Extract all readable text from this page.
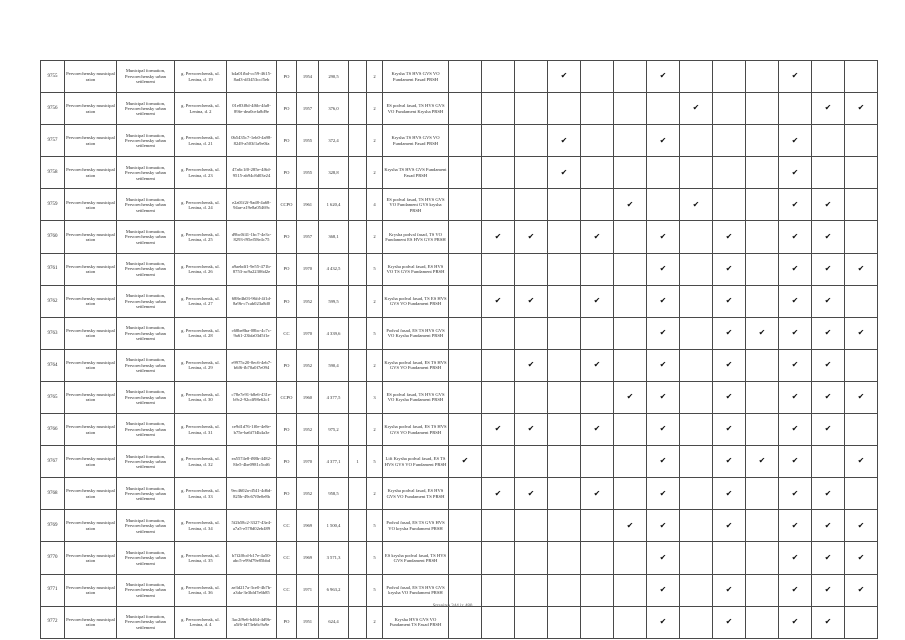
9755	Pervorechensky municipal raion	Municipal formation, Pervorechensky urban settlement	g. Pervorechensk, ul. Lenina, d. 19	b4a01fbd-cc59-4615-8ad3-df3453ccf5eb	PO	1954	290,5		2	Krysha TS HVS GVS VO Fundament Fasad PRSH				✔			✔				✔		
9756	Pervorechensky municipal raion	Municipal formation, Pervorechensky urban settlement	g. Pervorechensk, ul. Lenina, d. 2	01e83f8d-4f6b-4fa8-89fe-dea0cefa8d9e	PO	1957	376,0		2	ES podval fasad, TS HVS GVS VO Fundament Krysha PRSH								✔				✔	✔
9757	Pervorechensky municipal raion	Municipal formation, Pervorechensky urban settlement	g. Pervorechensk, ul. Lenina, d. 21	0b5435c7-1eb0-4a98-8249-a503f1a9e0fa	PO	1955	372,4		2	Krysha TS HVS GVS VO Fundament Fasad PRSH				✔			✔				✔		
9758	Pervorechensky municipal raion	Municipal formation, Pervorechensky urban settlement	g. Pervorechensk, ul. Lenina, d. 23	47a6c1f0-285e-4f6d-9515-ab94c8d03e24	PO	1955	328,8		2	Krysha TS HVS GVS Fundament Fasad PRSH				✔							✔		
9759	Pervorechensky municipal raion	Municipal formation, Pervorechensky urban settlement	g. Pervorechensk, ul. Lenina, d. 24	e2a01f2f-9ad8-4a68-94ae-a19e8a05469c	CCPO	1961	1 620,4		4	ES podval fasad, TS HVS GVS VO Fundament GVS krysha PRSH						✔		✔			✔	✔	
9760	Pervorechensky municipal raion	Municipal formation, Pervorechensky urban settlement	g. Pervorechensk, ul. Lenina, d. 25	d9bc0f41-1bc7-4e3c-8293-f95ef58e4c75	PO	1957	368,1		2	Krysha podval fasad, TS VO Fundament ES HVS GVS PRSH		✔	✔		✔		✔		✔		✔	✔	
9761	Pervorechensky municipal raion	Municipal formation, Pervorechensky urban settlement	g. Pervorechensk, ul. Lenina, d. 26	a9aebdf1-9e55-471b-8753-ac9a22306d2e	PO	1970	4 432,5		5	Krysha podval fasad, ES HVS VO TS GVS Fundament PRSH							✔		✔		✔	✔	✔
9762	Pervorechensky municipal raion	Municipal formation, Pervorechensky urban settlement	g. Pervorechensk, ul. Lenina, d. 27	688e4b03-96fd-4f1d-8a9b-c7cab023a8d0	PO	1952	599,5		2	Krysha podval fasad, TS ES HVS GVS VO Fundament PRSH		✔	✔		✔		✔		✔		✔	✔	
9763	Pervorechensky municipal raion	Municipal formation, Pervorechensky urban settlement	g. Pervorechensk, ul. Lenina, d. 28	c68be8ba-08bc-4c7c-9a61-23bfa03d5f1e	CC	1970	4 339,6		5	Podval fasad, ES TS HVS GVS VO Krysha Fundament PRSH							✔		✔	✔	✔	✔	✔
9764	Pervorechensky municipal raion	Municipal formation, Pervorechensky urban settlement	g. Pervorechensk, ul. Lenina, d. 29	e9975c20-0ec6-4eb7-b6f6-fb70a0f7e094	PO	1952	590,4		2	Krysha podval fasad, ES TS HVS GVS VO Fundament PRSH			✔		✔		✔		✔		✔	✔	
9765	Pervorechensky municipal raion	Municipal formation, Pervorechensky urban settlement	g. Pervorechensk, ul. Lenina, d. 30	c78e7e91-b8e6-431e-b9c2-92cdf98e62c1	CCPO	1960	4 377,5		3	ES podval fasad, TS HVS GVS VO Krysha Fundament PRSH						✔	✔		✔		✔	✔	✔
9766	Pervorechensky municipal raion	Municipal formation, Pervorechensky urban settlement	g. Pervorechensk, ul. Lenina, d. 31	ce9d1d76-1f0e-4e8e-b75e-ba6f7f4b4a3e	PO	1952	975,2		2	Krysha podval fasad, ES TS HVS GVS VO Fundament PRSH		✔	✔		✔		✔		✔		✔	✔	
9767	Pervorechensky municipal raion	Municipal formation, Pervorechensky urban settlement	g. Pervorechensk, ul. Lenina, d. 32	ea5574e8-f88b-4482-8fe5-4be0981c5cd6	PO	1970	4 377,1	1	5	Lift Krysha podval fasad, ES TS HVS GVS VO Fundament PRSH	✔						✔		✔	✔	✔		✔
9768	Pervorechensky municipal raion	Municipal formation, Pervorechensky urban settlement	g. Pervorechensk, ul. Lenina, d. 33	9ec4602a-d541-4d6d-825b-49c67f0e0e8b	PO	1952	958,5		2	Krysha podval fasad, ES HVS GVS VO Fundament TS PRSH		✔	✔		✔		✔		✔		✔	✔	
9769	Pervorechensky municipal raion	Municipal formation, Pervorechensky urban settlement	g. Pervorechensk, ul. Lenina, d. 34	5f2b58c2-3327-43e4-a7a5-e578d02eb489	CC	1969	1 500,4		5	Podval fasad, ES TS GVS HVS VO krysha Fundament PRSH						✔	✔		✔		✔	✔	✔
9770	Pervorechensky municipal raion	Municipal formation, Pervorechensky urban settlement	g. Pervorechensk, ul. Lenina, d. 35	b7f2f0cd-b17e-4a50-abc5-e99d79e85bbd	CC	1969	3 571,3		5	ES krysha podval fasad, TS HVS GVS Fundament PRSH							✔				✔	✔	✔
9771	Pervorechensky municipal raion	Municipal formation, Pervorechensky urban settlement	g. Pervorechensk, ul. Lenina, d. 36	ae3d217a-3ce0-4b7b-a3da-3e3bfd7e6b85	CC	1971	6 963,2		5	Podval fasad, ES TS HVS GVS krysha VO Fundament PRSH							✔		✔		✔	✔	✔
9772	Pervorechensky municipal raion	Municipal formation, Pervorechensky urban settlement	g. Pervorechensk, ul. Lenina, d. 4	3ac2f9e6-b464-4d9b-a5f6-fd73eb6c9a9e	PO	1951	624,4		2	Krysha HVS GVS VO Fundament TS Fasad PRSH							✔		✔		✔	✔	
Stranitsa 344 iz 480
